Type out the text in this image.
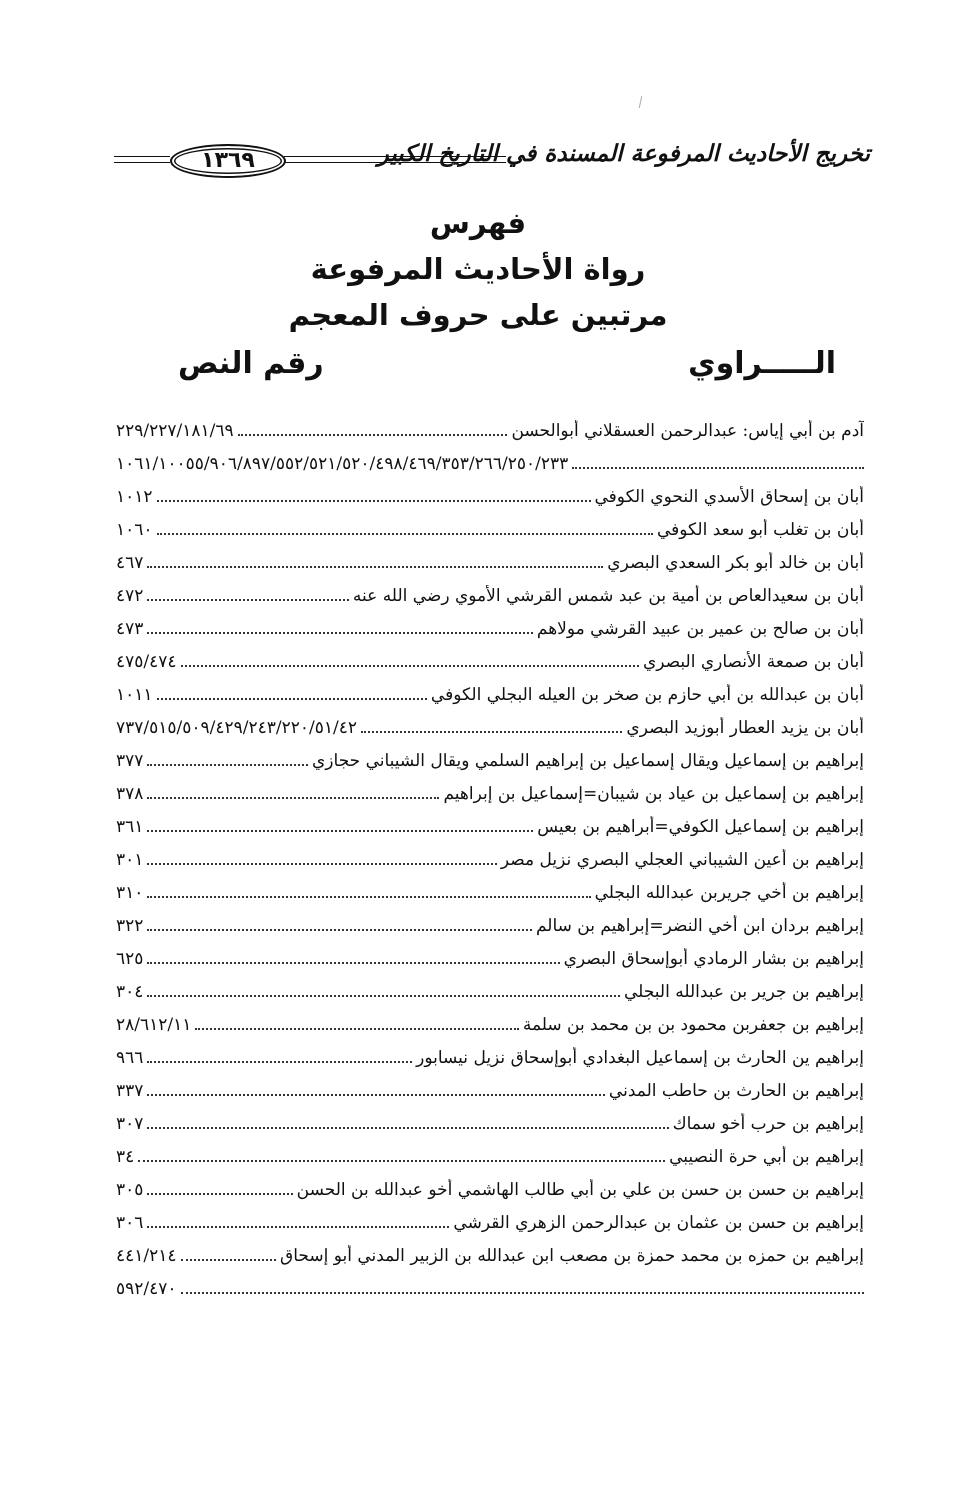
تخريج الأحاديث المرفوعة المسندة في التاريخ الكبير
١٣٦٩
فهرس
رواة الأحاديث المرفوعة
مرتبين على حروف المعجم
الـــــراوي
رقم النص
آدم بن أبي إياس: عبدالرحمن العسقلاني أبوالحسن
٢٢٩/٢٢٧/١٨١/٦٩
١٠٦١/١٠٠٥٥/٩٠٦/٨٩٧/٥٥٢/٥٢١/٥٢٠/٤٩٨/٤٦٩/٣٥٣/٢٦٦/٢٥٠/٢٣٣
أبان بن إسحاق الأسدي النحوي الكوفي
١٠١٢
أبان بن تغلب أبو سعد الكوفي
١٠٦٠
أبان بن خالد أبو بكر السعدي البصري
٤٦٧
أبان بن سعيدالعاص بن أمية بن عبد شمس القرشي الأموي رضي الله عنه
٤٧٢
أبان بن صالح بن عمير بن عبيد القرشي مولاهم
٤٧٣
أبان بن صمعة الأنصاري البصري
٤٧٥/٤٧٤
أبان بن عبدالله بن أبي حازم بن صخر بن العيله البجلي الكوفي
١٠١١
أبان بن يزيد العطار أبوزيد البصري
٧٣٧/٥١٥/٥٠٩/٤٢٩/٢٤٣/٢٢٠/٥١/٤٢
إبراهيم بن إسماعيل ويقال إسماعيل بن إبراهيم السلمي ويقال الشيباني حجازي
٣٧٧
إبراهيم بن إسماعيل بن عياد بن شيبان=إسماعيل بن إبراهيم
٣٧٨
إبراهيم بن إسماعيل الكوفي=أبراهيم بن بعيس
٣٦١
إبراهيم بن أعين الشيباني العجلي البصري نزيل مصر
٣٠١
إبراهيم بن أخي جريربن عبدالله البجلي
٣١٠
إبراهيم بردان ابن أخي النضر=إبراهيم بن سالم
٣٢٢
إبراهيم بن بشار الرمادي أبوإسحاق البصري
٦٢٥
إبراهيم بن جرير بن عبدالله البجلي
٣٠٤
إبراهيم بن جعفربن محمود بن بن محمد بن سلمة
٢٨/٦١٢/١١
إبراهيم ين الحارث بن إسماعيل البغدادي أبوإسحاق نزيل نيسابور
٩٦٦
إبراهيم بن الحارث بن حاطب المدني
٣٣٧
إبراهيم بن حرب أخو سماك
٣٠٧
إبراهيم بن أبي حرة النصيبي
٣٤
إبراهيم بن حسن بن حسن بن علي بن أبي طالب الهاشمي أخو عبدالله بن الحسن
٣٠٥
إبراهيم بن حسن بن عثمان بن عبدالرحمن الزهري القرشي
٣٠٦
إبراهيم بن حمزه بن محمد حمزة بن مصعب ابن عبدالله بن الزبير المدني أبو إسحاق
٤٤١/٢١٤
٥٩٢/٤٧٠
